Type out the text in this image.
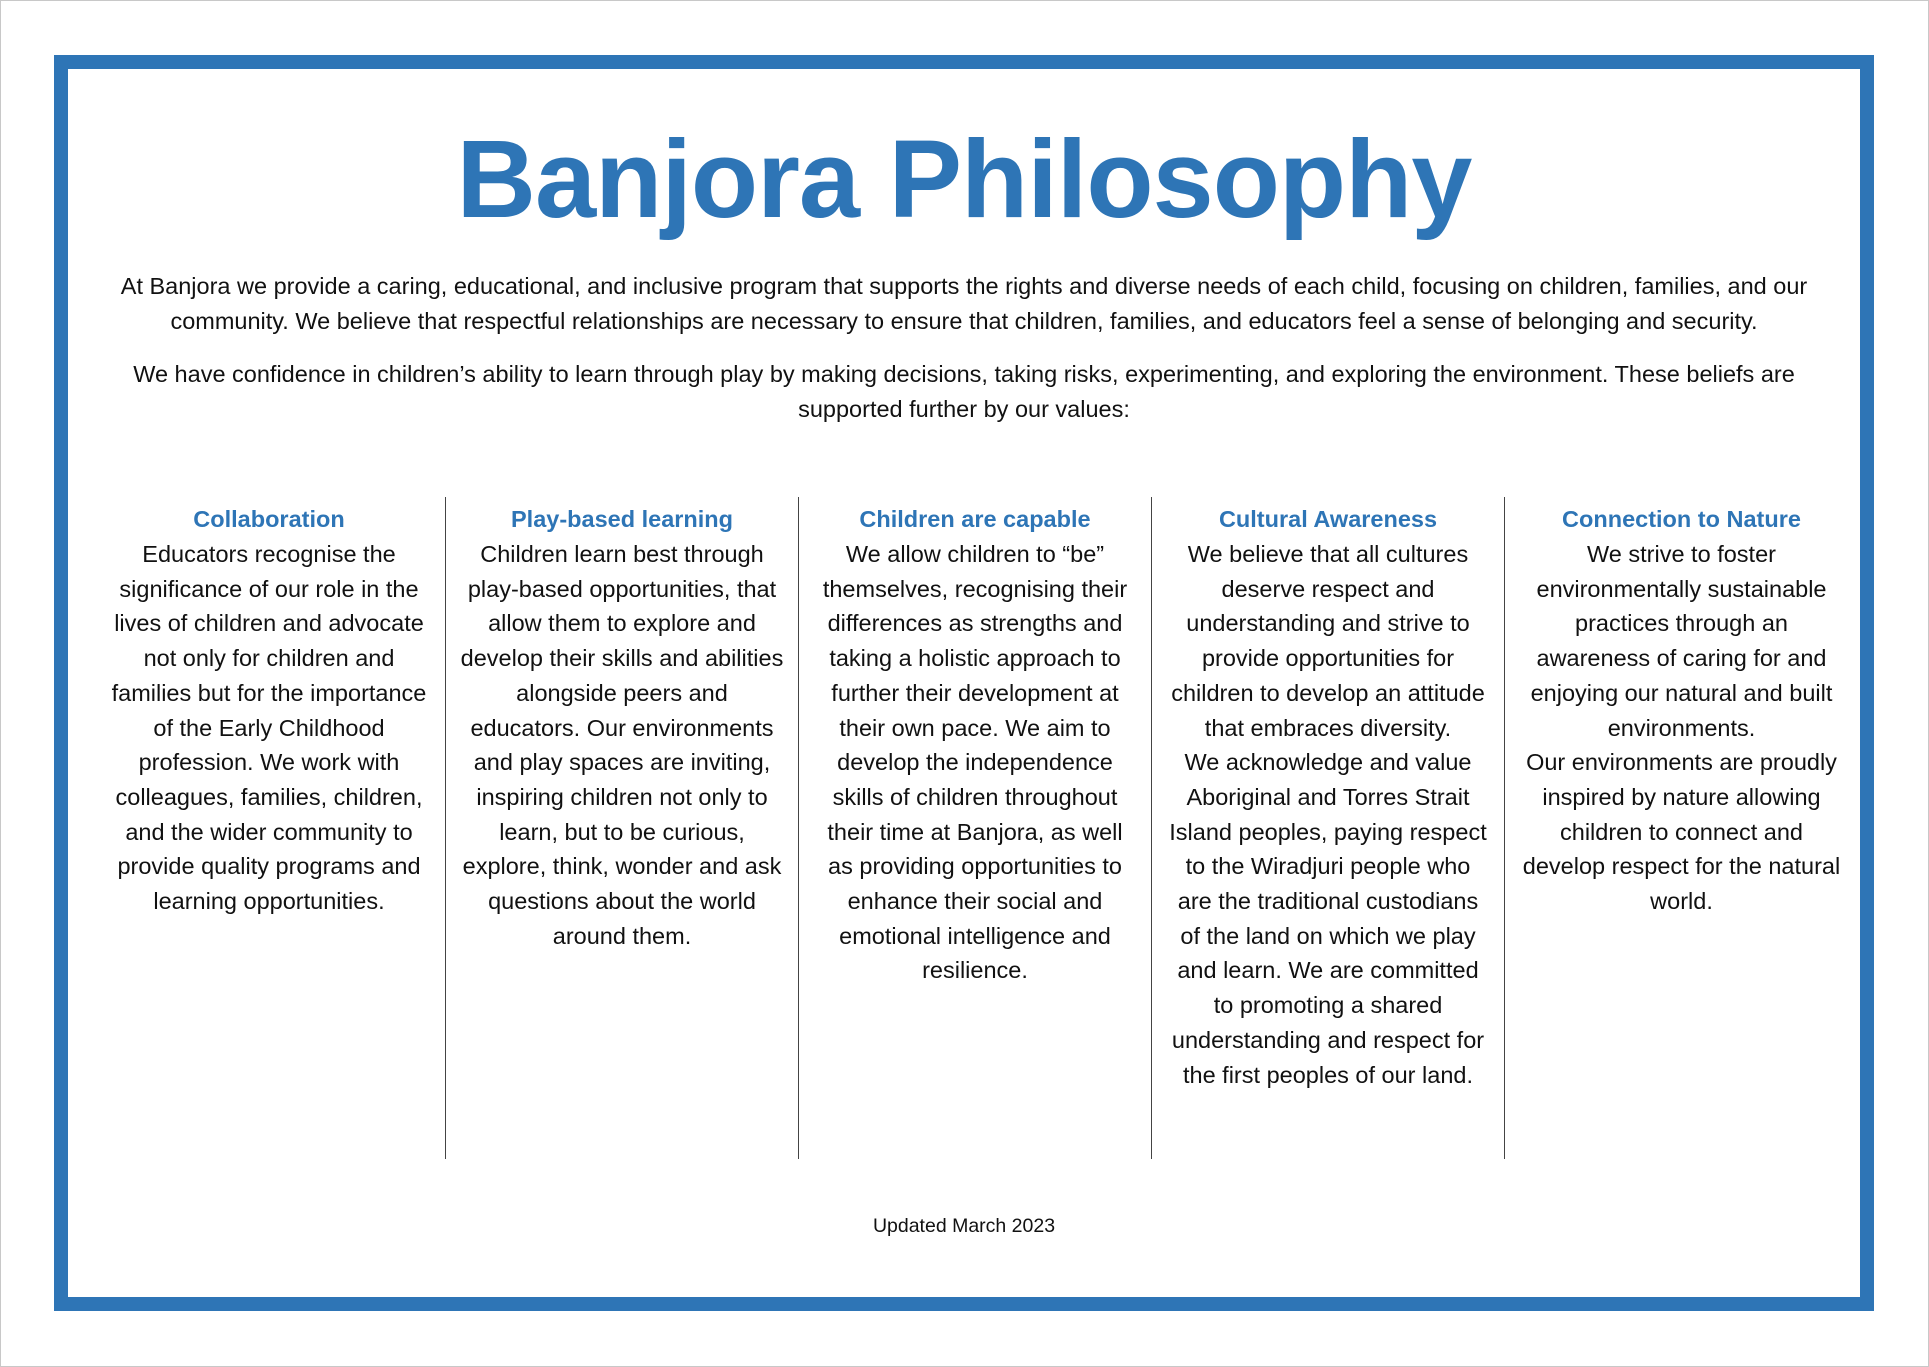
Banjora Philosophy

At Banjora we provide a caring, educational, and inclusive program that supports the rights and diverse needs of each child, focusing on children, families, and our community. We believe that respectful relationships are necessary to ensure that children, families, and educators feel a sense of belonging and security.

We have confidence in children’s ability to learn through play by making decisions, taking risks, experimenting, and exploring the environment. These beliefs are supported further by our values:

Collaboration

Educators recognise the significance of our role in the lives of children and advocate not only for children and families but for the importance of the Early Childhood profession. We work with colleagues, families, children, and the wider community to provide quality programs and learning opportunities.

Play-based learning

Children learn best through play-based opportunities, that allow them to explore and develop their skills and abilities alongside peers and educators. Our environments and play spaces are inviting, inspiring children not only to learn, but to be curious, explore, think, wonder and ask questions about the world around them.

Children are capable

We allow children to “be” themselves, recognising their differences as strengths and taking a holistic approach to further their development at their own pace. We aim to develop the independence skills of children throughout their time at Banjora, as well as providing opportunities to enhance their social and emotional intelligence and resilience.

Cultural Awareness

We believe that all cultures deserve respect and understanding and strive to provide opportunities for children to develop an attitude that embraces diversity.

We acknowledge and value Aboriginal and Torres Strait Island peoples, paying respect to the Wiradjuri people who are the traditional custodians of the land on which we play and learn. We are committed to promoting a shared understanding and respect for the first peoples of our land.

Connection to Nature

We strive to foster environmentally sustainable practices through an awareness of caring for and enjoying our natural and built environments.

Our environments are proudly inspired by nature allowing children to connect and develop respect for the natural world.

Updated March 2023
